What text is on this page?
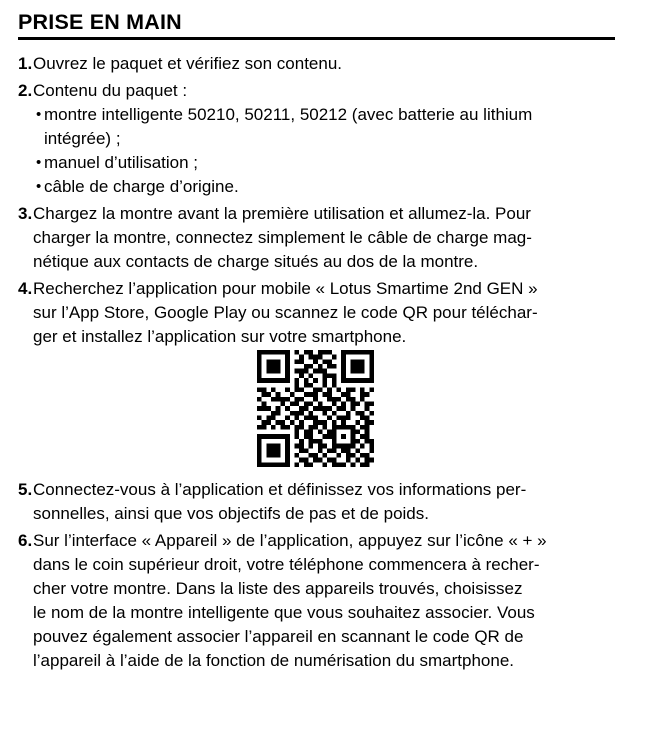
PRISE EN MAIN
1. Ouvrez le paquet et vérifiez son contenu.
2. Contenu du paquet :
• montre intelligente 50210, 50211, 50212 (avec batterie au lithium
intégrée) ;
• manuel d’utilisation ;
• câble de charge d’origine.
3. Chargez la montre avant la première utilisation et allumez-la. Pour
charger la montre, connectez simplement le câble de charge mag-
nétique aux contacts de charge situés au dos de la montre.
4. Recherchez l’application pour mobile « Lotus Smartime 2nd GEN »
sur l’App Store, Google Play ou scannez le code QR pour téléchar-
ger et installez l’application sur votre smartphone.
5. Connectez-vous à l’application et définissez vos informations per-
sonnelles, ainsi que vos objectifs de pas et de poids.
6. Sur l’interface « Appareil » de l’application, appuyez sur l’icône « + »
dans le coin supérieur droit, votre téléphone commencera à recher-
cher votre montre. Dans la liste des appareils trouvés, choisissez
le nom de la montre intelligente que vous souhaitez associer. Vous
pouvez également associer l’appareil en scannant le code QR de
l’appareil à l’aide de la fonction de numérisation du smartphone.
